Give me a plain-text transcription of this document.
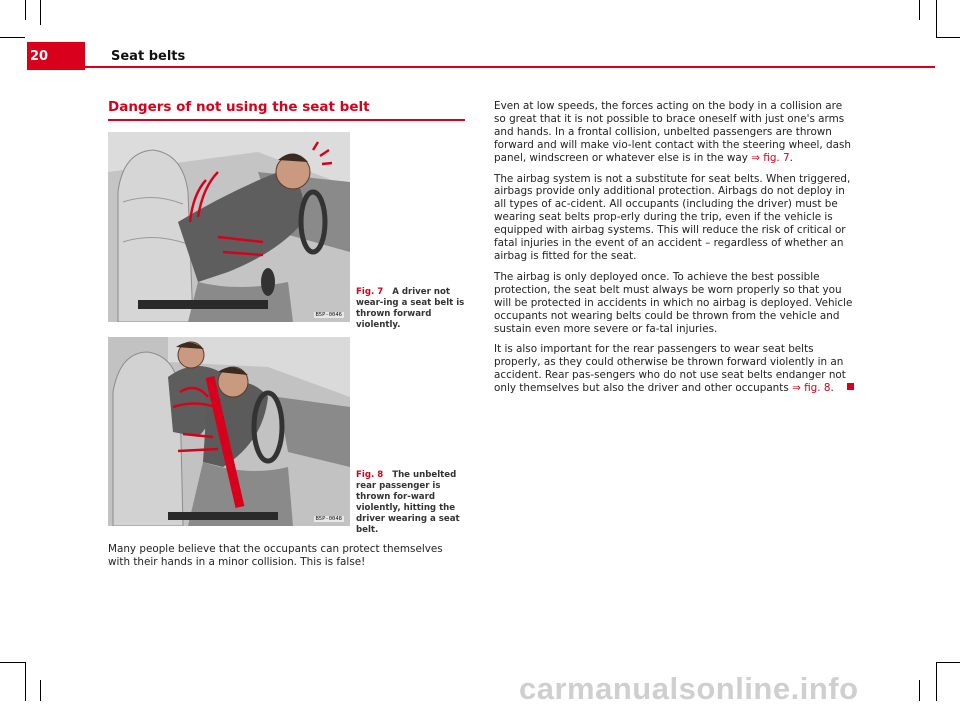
20	Seat belts
Dangers of not using the seat belt
B5P-0046
Fig. 7 A driver not wear-ing a seat belt is thrown forward violently.
B5P-0048
Fig. 8 The unbelted rear passenger is thrown for-ward violently, hitting the driver wearing a seat belt.

Many people believe that the occupants can protect themselves with their hands in a minor collision. This is false!

Even at low speeds, the forces acting on the body in a collision are so great that it is not possible to brace oneself with just one's arms and hands. In a frontal collision, unbelted passengers are thrown forward and will make vio-lent contact with the steering wheel, dash panel, windscreen or whatever else is in the way ⇒ fig. 7.

The airbag system is not a substitute for seat belts. When triggered, airbags provide only additional protection. Airbags do not deploy in all types of ac-cident. All occupants (including the driver) must be wearing seat belts prop-erly during the trip, even if the vehicle is equipped with airbag systems. This will reduce the risk of critical or fatal injuries in the event of an accident – regardless of whether an airbag is fitted for the seat.

The airbag is only deployed once. To achieve the best possible protection, the seat belt must always be worn properly so that you will be protected in accidents in which no airbag is deployed. Vehicle occupants not wearing belts could be thrown from the vehicle and sustain even more severe or fa-tal injuries.

It is also important for the rear passengers to wear seat belts properly, as they could otherwise be thrown forward violently in an accident. Rear pas-sengers who do not use seat belts endanger not only themselves but also the driver and other occupants ⇒ fig. 8.

carmanualsonline.info
